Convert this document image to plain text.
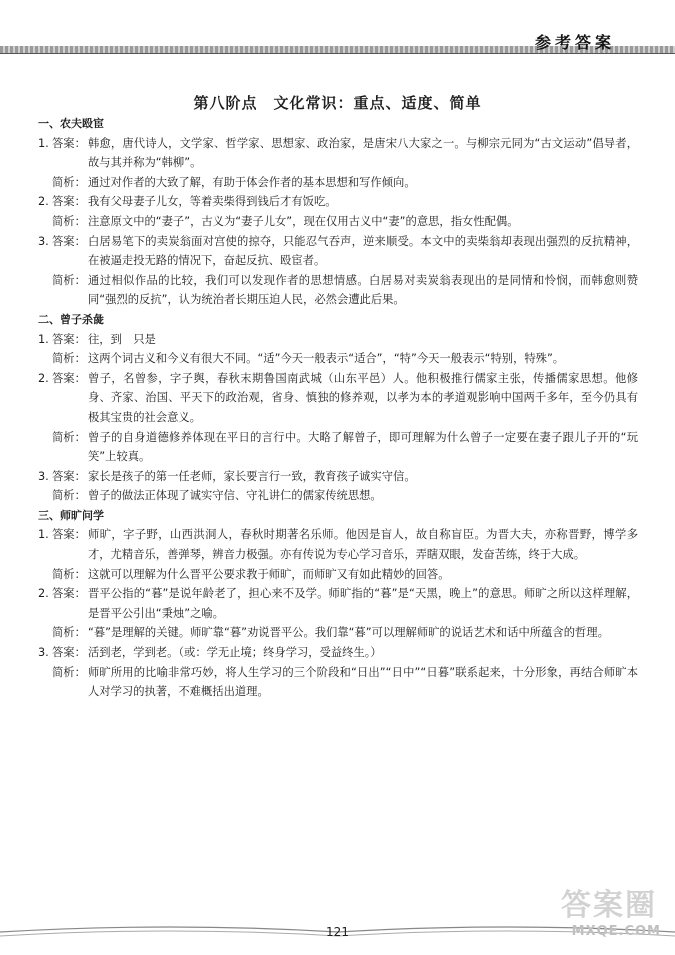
参考答案
第八阶点　文化常识：重点、适度、简单
一、农夫殴宦
1. 答案： 韩愈，唐代诗人，文学家、哲学家、思想家、政治家，是唐宋八大家之一。与柳宗元同为“古文运动”倡导者，故与其并称为“韩柳”。
简析： 通过对作者的大致了解，有助于体会作者的基本思想和写作倾向。
2. 答案： 我有父母妻子儿女，等着卖柴得到钱后才有饭吃。
简析： 注意原文中的“妻子”，古义为“妻子儿女”，现在仅用古义中“妻”的意思，指女性配偶。
3. 答案： 白居易笔下的卖炭翁面对宫使的掠夺，只能忍气吞声，逆来顺受。本文中的卖柴翁却表现出强烈的反抗精神，在被逼走投无路的情况下，奋起反抗、殴宦者。
简析： 通过相似作品的比较，我们可以发现作者的思想情感。白居易对卖炭翁表现出的是同情和怜悯，而韩愈则赞同“强烈的反抗”，认为统治者长期压迫人民，必然会遭此后果。
二、曾子杀彘
1. 答案： 往，到　只是
简析： 这两个词古义和今义有很大不同。“适”今天一般表示“适合”，“特”今天一般表示“特别，特殊”。
2. 答案： 曾子，名曾参，字子舆，春秋末期鲁国南武城（山东平邑）人。他积极推行儒家主张，传播儒家思想。他修身、齐家、治国、平天下的政治观，省身、慎独的修养观，以孝为本的孝道观影响中国两千多年，至今仍具有极其宝贵的社会意义。
简析： 曾子的自身道德修养体现在平日的言行中。大略了解曾子，即可理解为什么曾子一定要在妻子跟儿子开的“玩笑”上较真。
3. 答案： 家长是孩子的第一任老师，家长要言行一致，教育孩子诚实守信。
简析： 曾子的做法正体现了诚实守信、守礼讲仁的儒家传统思想。
三、师旷问学
1. 答案： 师旷，字子野，山西洪洞人，春秋时期著名乐师。他因是盲人，故自称盲臣。为晋大夫，亦称晋野，博学多才，尤精音乐，善弹琴，辨音力极强。亦有传说为专心学习音乐，弄瞎双眼，发奋苦练，终于大成。
简析： 这就可以理解为什么晋平公要求教于师旷，而师旷又有如此精妙的回答。
2. 答案： 晋平公指的“暮”是说年龄老了，担心来不及学。师旷指的“暮”是“天黑，晚上”的意思。师旷之所以这样理解，是晋平公引出“秉烛”之喻。
简析： “暮”是理解的关键。师旷靠“暮”劝说晋平公。我们靠“暮”可以理解师旷的说话艺术和话中所蕴含的哲理。
3. 答案： 活到老，学到老。（或：学无止境；终身学习，受益终生。）
简析： 师旷所用的比喻非常巧妙，将人生学习的三个阶段和“日出”“日中”“日暮”联系起来，十分形象，再结合师旷本人对学习的执著，不难概括出道理。
121
答案圈
MXQE.COM
